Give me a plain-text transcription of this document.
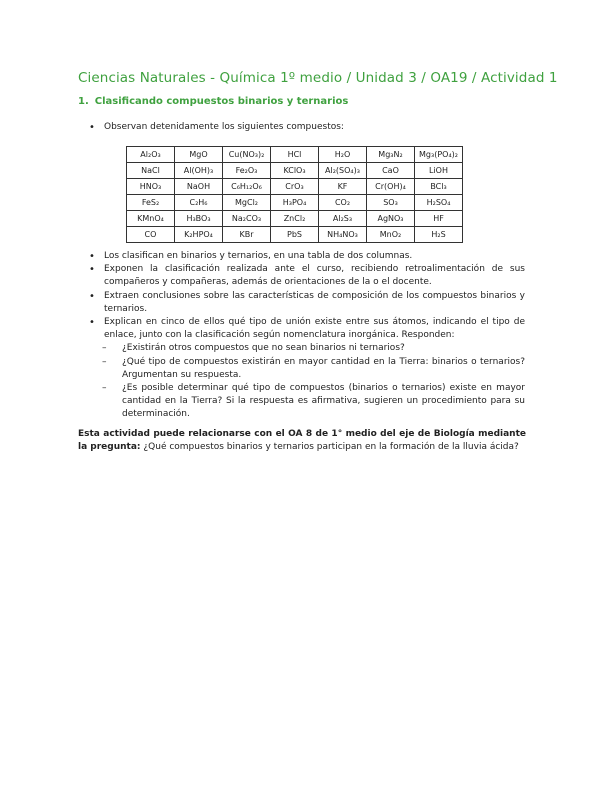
Ciencias Naturales - Química 1º medio / Unidad 3 / OA19 / Actividad 1
1. Clasificando compuestos binarios y ternarios
• Observan detenidamente los siguientes compuestos:
Al₂O₃	MgO	Cu(NO₃)₂	HCl	H₂O	Mg₃N₂	Mg₃(PO₄)₂
NaCl	Al(OH)₃	Fe₂O₃	KClO₃	Al₂(SO₄)₃	CaO	LiOH
HNO₃	NaOH	C₆H₁₂O₆	CrO₃	KF	Cr(OH)₄	BCl₃
FeS₂	C₂H₆	MgCl₂	H₃PO₄	CO₂	SO₃	H₂SO₄
KMnO₄	H₃BO₃	Na₂CO₃	ZnCl₂	Al₂S₃	AgNO₃	HF
CO	K₂HPO₄	KBr	PbS	NH₄NO₃	MnO₂	H₂S
• Los clasifican en binarios y ternarios, en una tabla de dos columnas.
• Exponen la clasificación realizada ante el curso, recibiendo retroalimentación de sus compañeros y compañeras, además de orientaciones de la o el docente.
• Extraen conclusiones sobre las características de composición de los compuestos binarios y ternarios.
• Explican en cinco de ellos qué tipo de unión existe entre sus átomos, indicando el tipo de enlace, junto con la clasificación según nomenclatura inorgánica. Responden:
– ¿Existirán otros compuestos que no sean binarios ni ternarios?
– ¿Qué tipo de compuestos existirán en mayor cantidad en la Tierra: binarios o ternarios? Argumentan su respuesta.
– ¿Es posible determinar qué tipo de compuestos (binarios o ternarios) existe en mayor cantidad en la Tierra? Si la respuesta es afirmativa, sugieren un procedimiento para su determinación.
Esta actividad puede relacionarse con el OA 8 de 1° medio del eje de Biología mediante la pregunta: ¿Qué compuestos binarios y ternarios participan en la formación de la lluvia ácida?
